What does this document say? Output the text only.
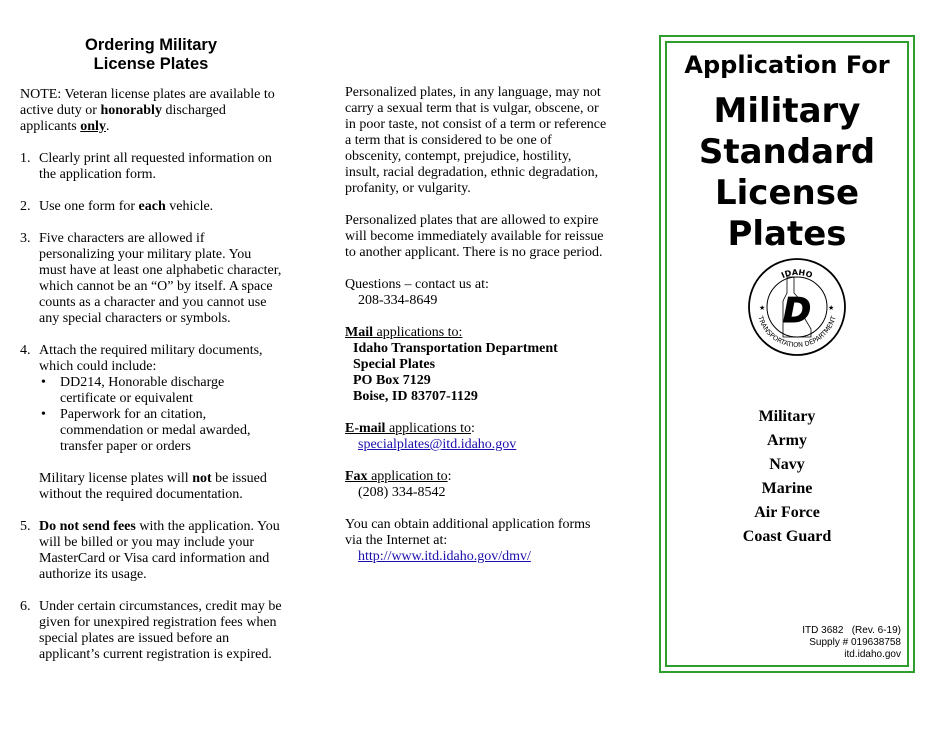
Ordering Military
License Plates

NOTE: Veteran license plates are available to active duty or honorably discharged applicants only.

1. Clearly print all requested information on the application form.
2. Use one form for each vehicle.
3. Five characters are allowed if personalizing your military plate. You must have at least one alphabetic character, which cannot be an “O” by itself. A space counts as a character and you cannot use any special characters or symbols.
4. Attach the required military documents, which could include:
• DD214, Honorable discharge certificate or equivalent
• Paperwork for an citation, commendation or medal awarded, transfer paper or orders
Military license plates will not be issued without the required documentation.
5. Do not send fees with the application. You will be billed or you may include your MasterCard or Visa card information and authorize its usage.
6. Under certain circumstances, credit may be given for unexpired registration fees when special plates are issued before an applicant’s current registration is expired.

Personalized plates, in any language, may not carry a sexual term that is vulgar, obscene, or in poor taste, not consist of a term or reference a term that is considered to be one of obscenity, contempt, prejudice, hostility, insult, racial degradation, ethnic degradation, profanity, or vulgarity.

Personalized plates that are allowed to expire will become immediately available for reissue to another applicant. There is no grace period.

Questions – contact us at:

208-334-8649

Mail applications to:

Idaho Transportation Department
Special Plates
PO Box 7129
Boise, ID 83707-1129

E-mail applications to:

specialplates@itd.idaho.gov

Fax application to:

(208) 334-8542

You can obtain additional application forms via the Internet at:

http://www.itd.idaho.gov/dmv/

Application For
Military
Standard
License
Plates
IDAHO
TRANSPORTATION DEPARTMENT
★	★
D
Military
Army
Navy
Marine
Air Force
Coast Guard
ITD 3682   (Rev. 6-19)
Supply # 019638758
itd.idaho.gov
